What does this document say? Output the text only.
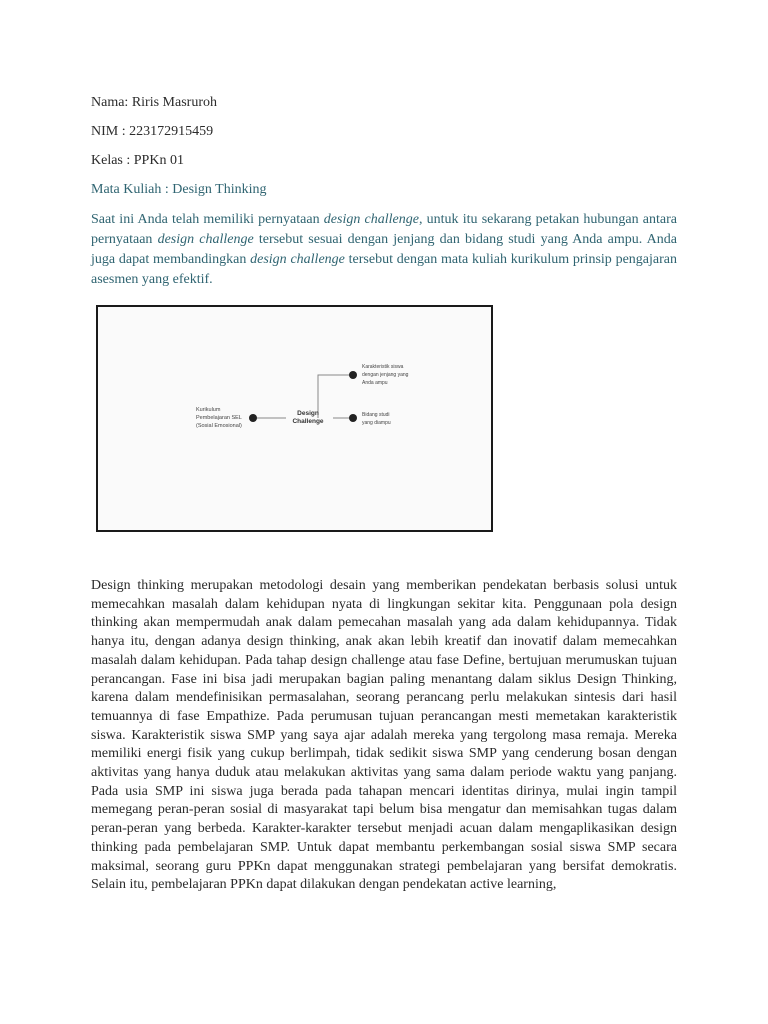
Nama: Riris Masruroh
NIM : 223172915459
Kelas : PPKn 01
Mata Kuliah : Design Thinking
Saat ini Anda telah memiliki pernyataan design challenge, untuk itu sekarang petakan hubungan antara pernyataan design challenge tersebut sesuai dengan jenjang dan bidang studi yang Anda ampu. Anda juga dapat membandingkan design challenge tersebut dengan mata kuliah kurikulum prinsip pengajaran asesmen yang efektif.
Kurikulum
Pembelajaran SEL
(Sosial Emosional)
Design
Challenge
Karakteristik siswa
dengan jenjang yang
Anda ampu
Bidang studi
yang diampu
Design thinking merupakan metodologi desain yang memberikan pendekatan berbasis solusi untuk memecahkan masalah dalam kehidupan nyata di lingkungan sekitar kita. Penggunaan pola design thinking akan mempermudah anak dalam pemecahan masalah yang ada dalam kehidupannya. Tidak hanya itu, dengan adanya design thinking, anak akan lebih kreatif dan inovatif dalam memecahkan masalah dalam kehidupan. Pada tahap design challenge atau fase Define, bertujuan merumuskan tujuan perancangan. Fase ini bisa jadi merupakan bagian paling menantang dalam siklus Design Thinking, karena dalam mendefinisikan permasalahan, seorang perancang perlu melakukan sintesis dari hasil temuannya di fase Empathize. Pada perumusan tujuan perancangan mesti memetakan karakteristik siswa. Karakteristik siswa SMP yang saya ajar adalah mereka yang tergolong masa remaja. Mereka memiliki energi fisik yang cukup berlimpah, tidak sedikit siswa SMP yang cenderung bosan dengan aktivitas yang hanya duduk atau melakukan aktivitas yang sama dalam periode waktu yang panjang. Pada usia SMP ini siswa juga berada pada tahapan mencari identitas dirinya, mulai ingin tampil memegang peran-peran sosial di masyarakat tapi belum bisa mengatur dan memisahkan tugas dalam peran-peran yang berbeda. Karakter-karakter tersebut menjadi acuan dalam mengaplikasikan design thinking pada pembelajaran SMP. Untuk dapat membantu perkembangan sosial siswa SMP secara maksimal, seorang guru PPKn dapat menggunakan strategi pembelajaran yang bersifat demokratis. Selain itu, pembelajaran PPKn dapat dilakukan dengan pendekatan active learning,
